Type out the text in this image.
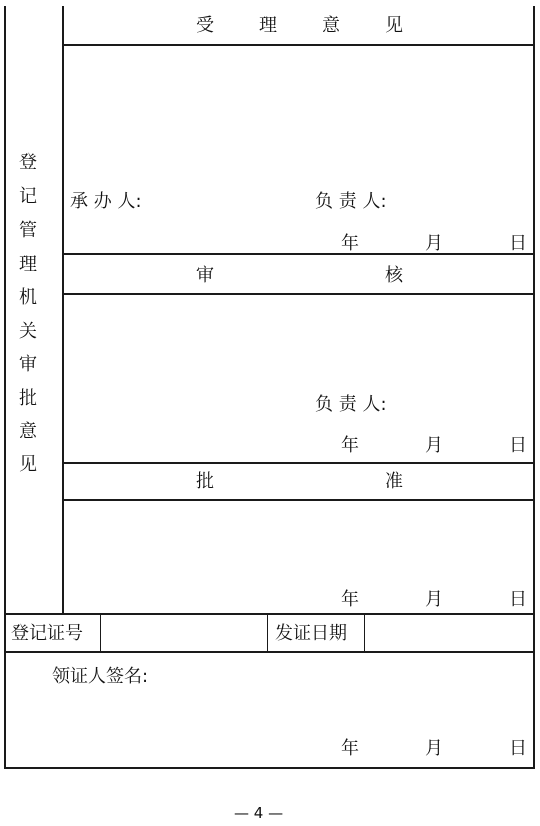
登
记
管
理
机
关
审
批
意
见
受	理	意	见
承 办 人:	负 责 人:
年	月	日
审	核
负 责 人:
年	月	日
批	准
年	月	日
登记证号	发证日期
领证人签名:
年	月	日
— 4 —
